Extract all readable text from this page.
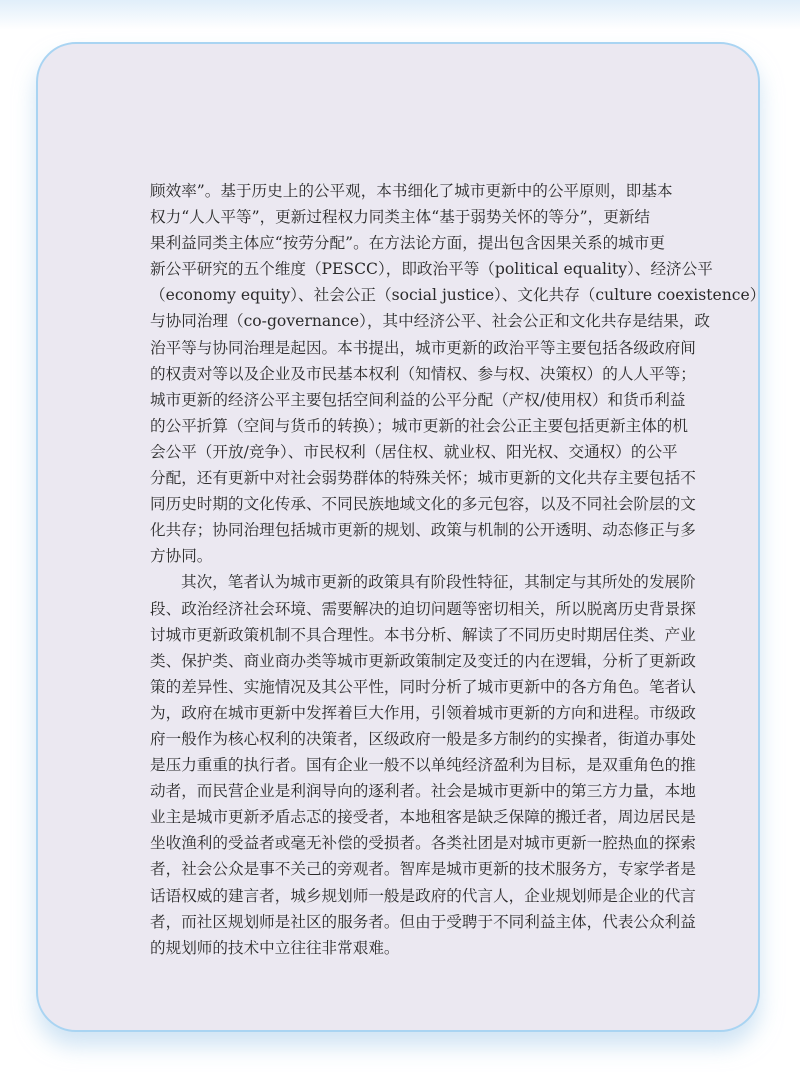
顾效率”。基于历史上的公平观，本书细化了城市更新中的公平原则，即基本
权力“人人平等”，更新过程权力同类主体“基于弱势关怀的等分”，更新结
果利益同类主体应“按劳分配”。在方法论方面，提出包含因果关系的城市更
新公平研究的五个维度（PESCC），即政治平等（political equality）、经济公平
（economy equity）、社会公正（social justice）、文化共存（culture coexistence）
与协同治理（co-governance），其中经济公平、社会公正和文化共存是结果，政
治平等与协同治理是起因。本书提出，城市更新的政治平等主要包括各级政府间
的权责对等以及企业及市民基本权利（知情权、参与权、决策权）的人人平等；
城市更新的经济公平主要包括空间利益的公平分配（产权/使用权）和货币利益
的公平折算（空间与货币的转换）；城市更新的社会公正主要包括更新主体的机
会公平（开放/竞争）、市民权利（居住权、就业权、阳光权、交通权）的公平
分配，还有更新中对社会弱势群体的特殊关怀；城市更新的文化共存主要包括不
同历史时期的文化传承、不同民族地域文化的多元包容，以及不同社会阶层的文
化共存；协同治理包括城市更新的规划、政策与机制的公开透明、动态修正与多
方协同。
其次，笔者认为城市更新的政策具有阶段性特征，其制定与其所处的发展阶
段、政治经济社会环境、需要解决的迫切问题等密切相关，所以脱离历史背景探
讨城市更新政策机制不具合理性。本书分析、解读了不同历史时期居住类、产业
类、保护类、商业商办类等城市更新政策制定及变迁的内在逻辑，分析了更新政
策的差异性、实施情况及其公平性，同时分析了城市更新中的各方角色。笔者认
为，政府在城市更新中发挥着巨大作用，引领着城市更新的方向和进程。市级政
府一般作为核心权利的决策者，区级政府一般是多方制约的实操者，街道办事处
是压力重重的执行者。国有企业一般不以单纯经济盈利为目标，是双重角色的推
动者，而民营企业是利润导向的逐利者。社会是城市更新中的第三方力量，本地
业主是城市更新矛盾忐忑的接受者，本地租客是缺乏保障的搬迁者，周边居民是
坐收渔利的受益者或毫无补偿的受损者。各类社团是对城市更新一腔热血的探索
者，社会公众是事不关己的旁观者。智库是城市更新的技术服务方，专家学者是
话语权威的建言者，城乡规划师一般是政府的代言人，企业规划师是企业的代言
者，而社区规划师是社区的服务者。但由于受聘于不同利益主体，代表公众利益
的规划师的技术中立往往非常艰难。
